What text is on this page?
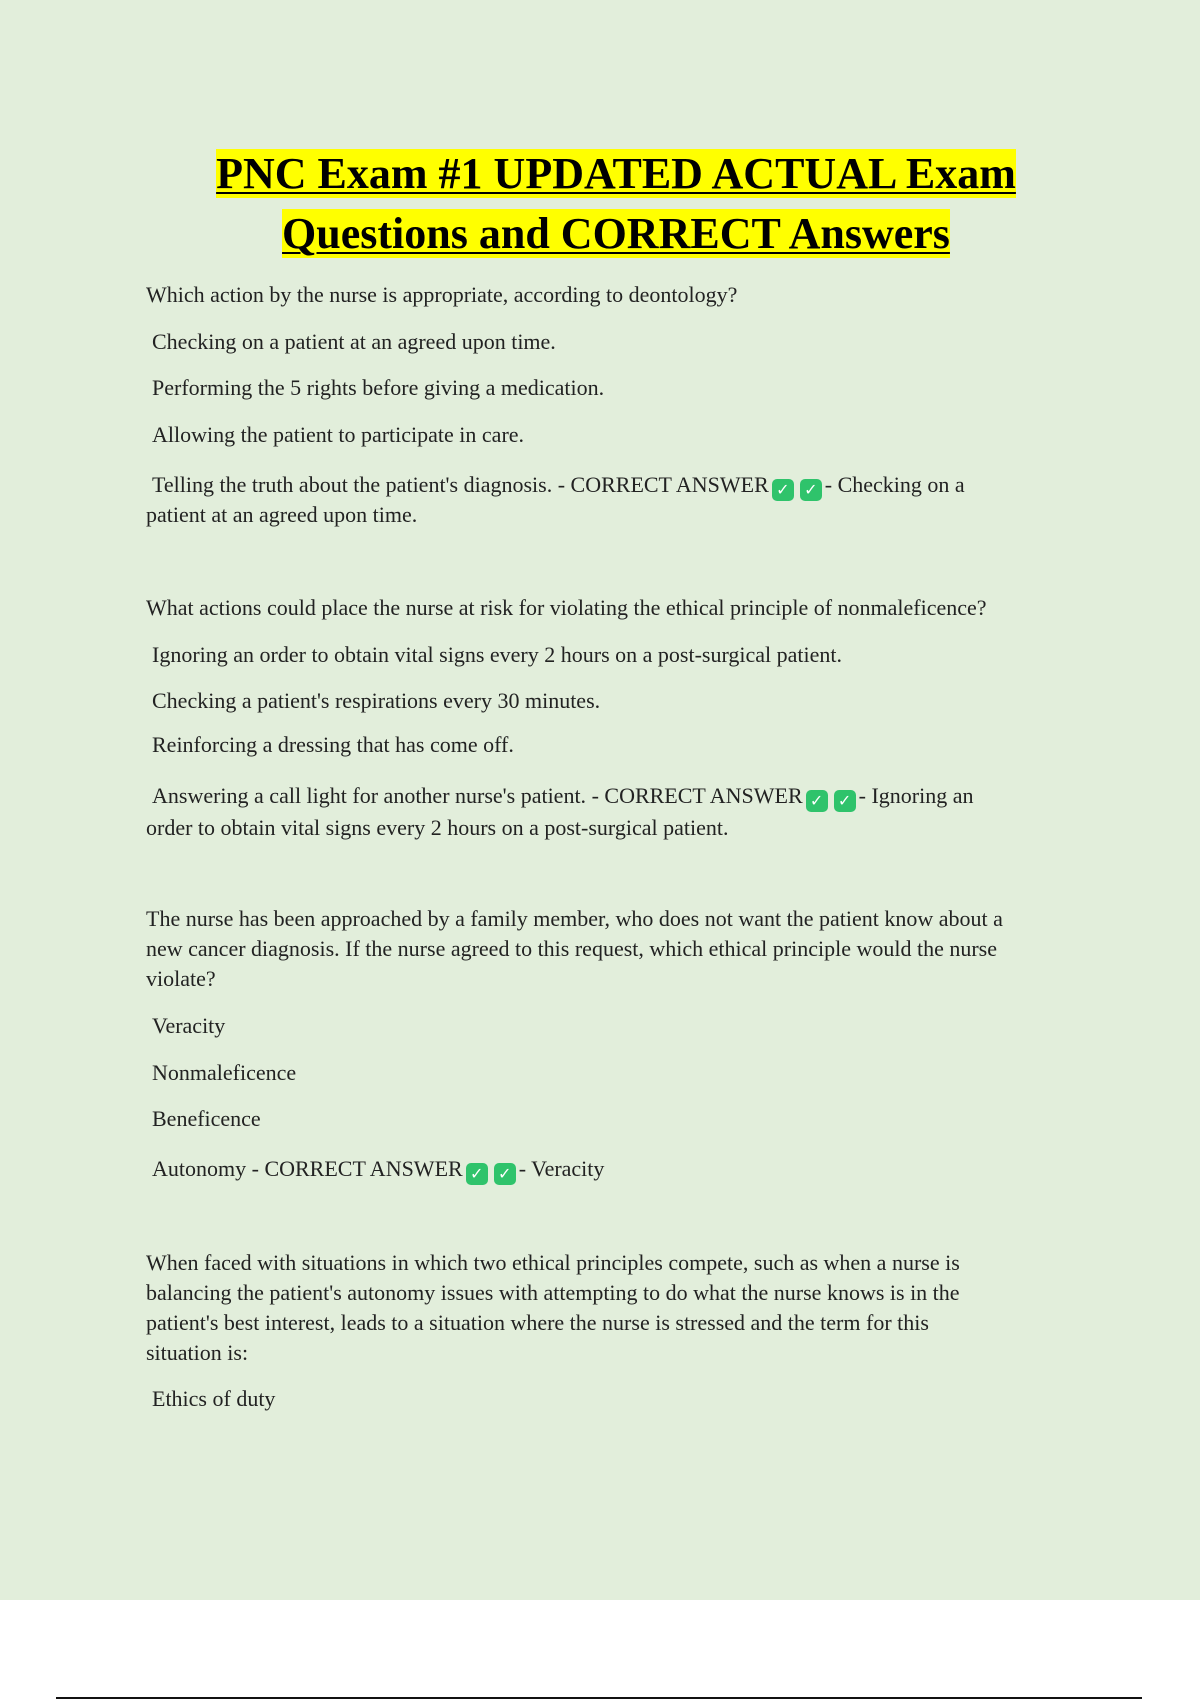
PNC Exam #1 UPDATED ACTUAL Exam
Questions and CORRECT Answers
Which action by the nurse is appropriate, according to deontology?
Checking on a patient at an agreed upon time.
Performing the 5 rights before giving a medication.
Allowing the patient to participate in care.
Telling the truth about the patient's diagnosis. - CORRECT ANSWER ✓ ✓ - Checking on a
patient at an agreed upon time.
What actions could place the nurse at risk for violating the ethical principle of nonmaleficence?
Ignoring an order to obtain vital signs every 2 hours on a post-surgical patient.
Checking a patient's respirations every 30 minutes.
Reinforcing a dressing that has come off.
Answering a call light for another nurse's patient. - CORRECT ANSWER ✓ ✓ - Ignoring an
order to obtain vital signs every 2 hours on a post-surgical patient.
The nurse has been approached by a family member, who does not want the patient know about a
new cancer diagnosis. If the nurse agreed to this request, which ethical principle would the nurse
violate?
Veracity
Nonmaleficence
Beneficence
Autonomy - CORRECT ANSWER ✓ ✓ - Veracity
When faced with situations in which two ethical principles compete, such as when a nurse is
balancing the patient's autonomy issues with attempting to do what the nurse knows is in the
patient's best interest, leads to a situation where the nurse is stressed and the term for this
situation is:
Ethics of duty
